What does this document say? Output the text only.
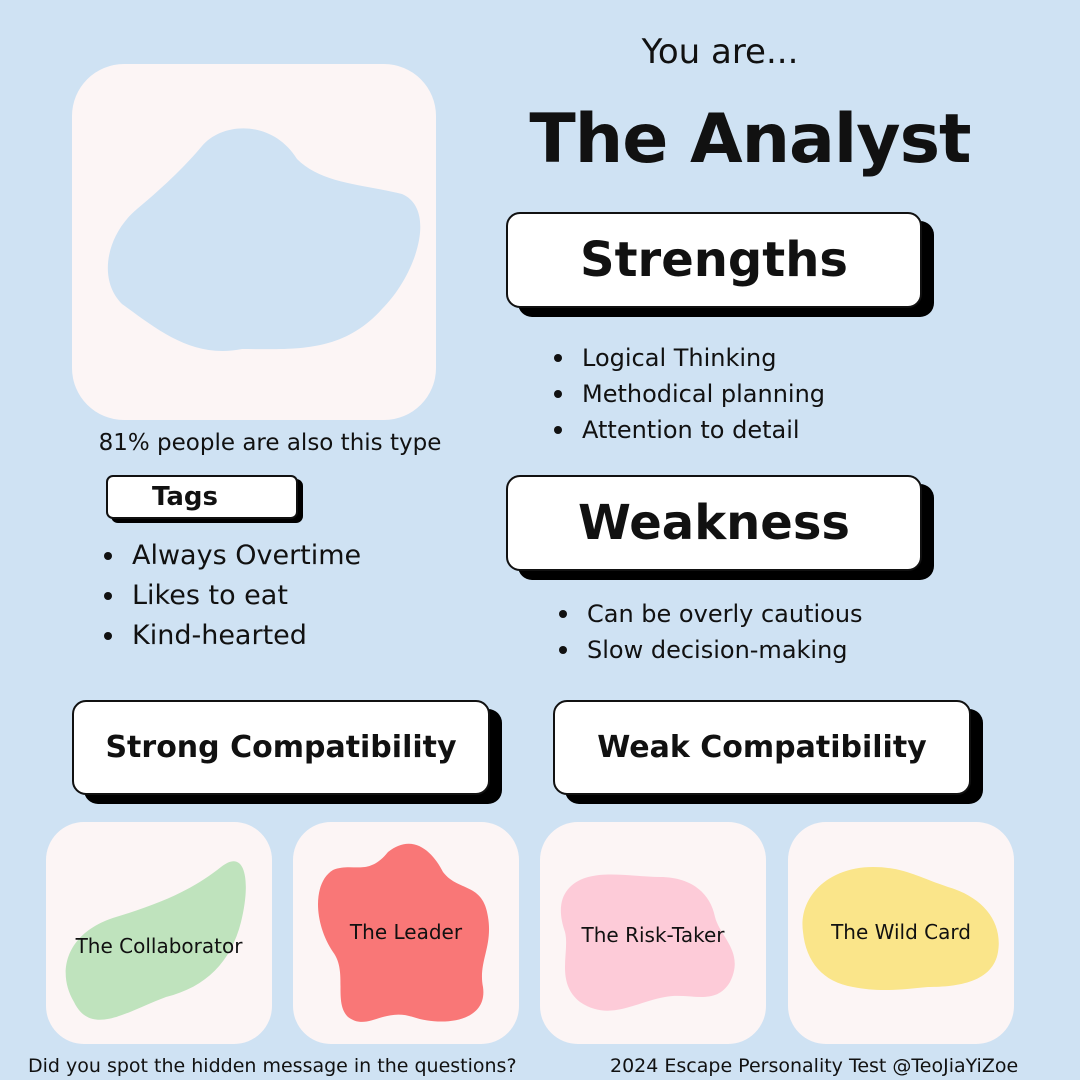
You are...
The Analyst
81% people are also this type
Strengths
Logical Thinking
Methodical planning
Attention to detail
Tags
Always Overtime
Likes to eat
Kind-hearted
Weakness
Can be overly cautious
Slow decision-making
Strong Compatibility	Weak Compatibility
The Collaborator
The Leader	The Risk-Taker	The Wild Card
Did you spot the hidden message in the questions?	2024 Escape Personality Test @TeoJiaYiZoe
